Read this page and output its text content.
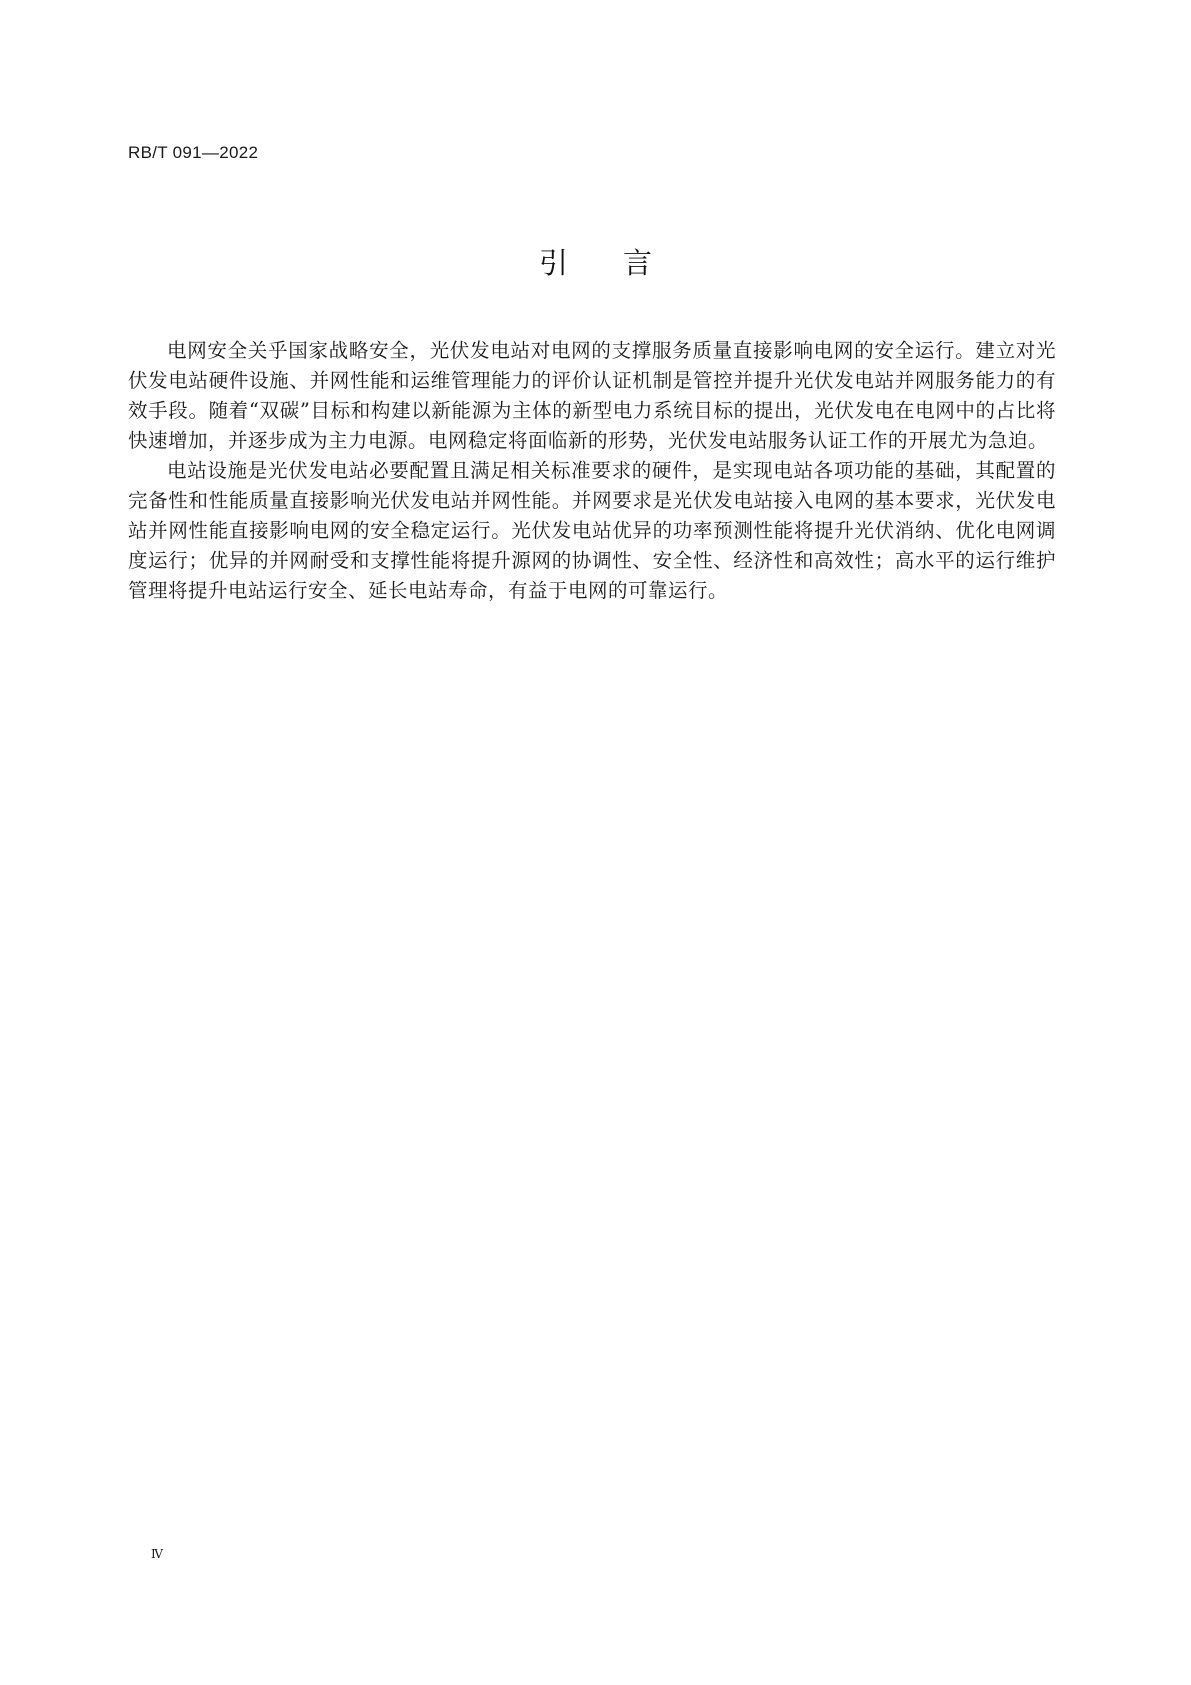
RB/T 091—2022
引言

电网安全关乎国家战略安全，光伏发电站对电网的支撑服务质量直接影响电网的安全运行。建立对光伏发电站硬件设施、并网性能和运维管理能力的评价认证机制是管控并提升光伏发电站并网服务能力的有效手段。随着“双碳”目标和构建以新能源为主体的新型电力系统目标的提出，光伏发电在电网中的占比将快速增加，并逐步成为主力电源。电网稳定将面临新的形势，光伏发电站服务认证工作的开展尤为急迫。

电站设施是光伏发电站必要配置且满足相关标准要求的硬件，是实现电站各项功能的基础，其配置的完备性和性能质量直接影响光伏发电站并网性能。并网要求是光伏发电站接入电网的基本要求，光伏发电站并网性能直接影响电网的安全稳定运行。光伏发电站优异的功率预测性能将提升光伏消纳、优化电网调度运行；优异的并网耐受和支撑性能将提升源网的协调性、安全性、经济性和高效性；高水平的运行维护管理将提升电站运行安全、延长电站寿命，有益于电网的可靠运行。

Ⅳ
